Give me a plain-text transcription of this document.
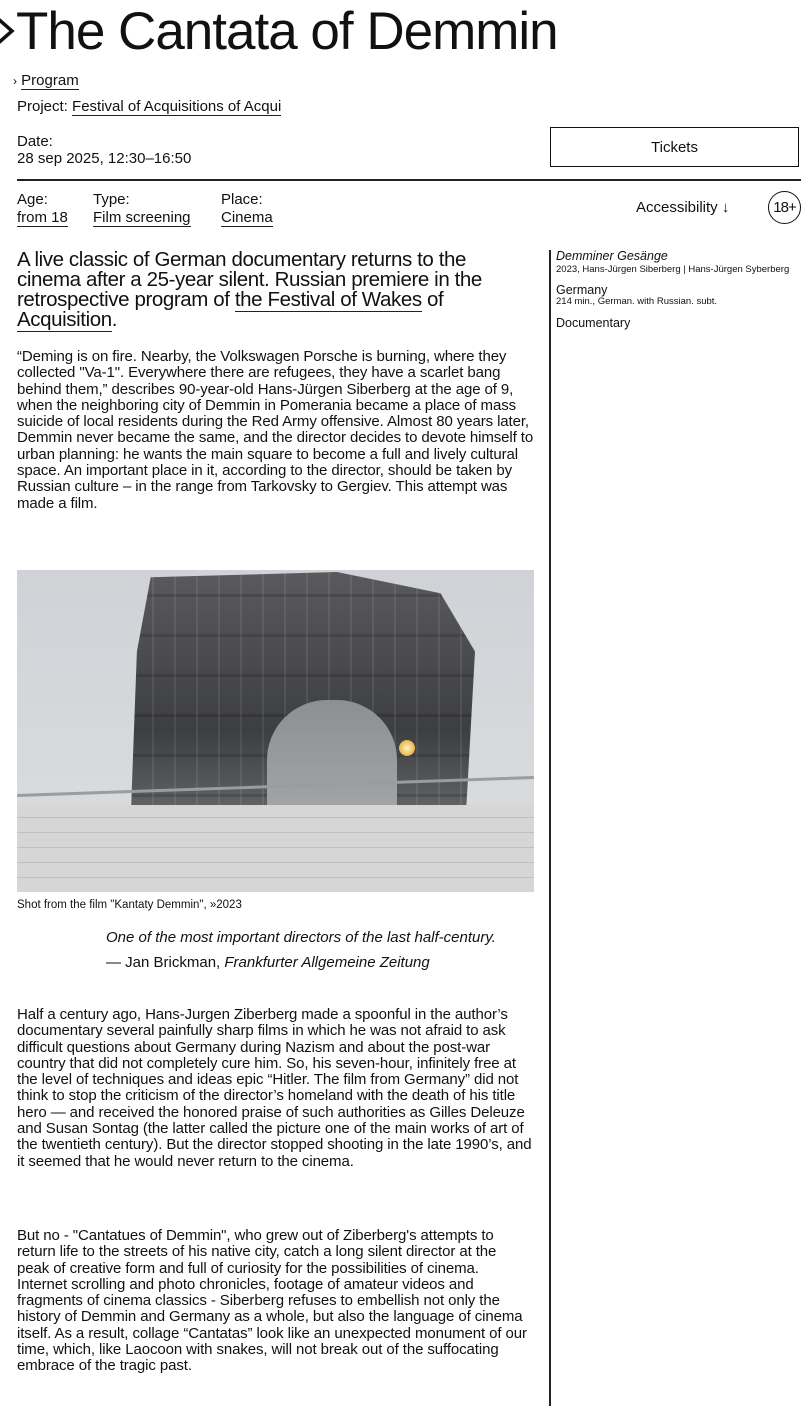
The Cantata of Demmin
› Program
Project: Festival of Acquisitions of Acqui
Date:
28 sep 2025, 12:30–16:50
Tickets
Age:
from 18
Type:
Film screening
Place:
Cinema
Accessibility ↓	18+

A live classic of German documentary returns to the cinema after a 25-year silent. Russian premiere in the retrospective program of the Festival of Wakes of Acquisition.

“Deming is on fire. Nearby, the Volkswagen Porsche is burning, where they collected "Va-1". Everywhere there are refugees, they have a scarlet bang behind them,” describes 90-year-old Hans-Jürgen Siberberg at the age of 9, when the neighboring city of Demmin in Pomerania became a place of mass suicide of local residents during the Red Army offensive. Almost 80 years later, Demmin never became the same, and the director decides to devote himself to urban planning: he wants the main square to become a full and lively cultural space. An important place in it, according to the director, should be taken by Russian culture – in the range from Tarkovsky to Gergiev. This attempt was made a film.

Shot from the film "Kantaty Demmin", »2023

One of the most important directors of the last half-century.

— Jan Brickman, Frankfurter Allgemeine Zeitung

Half a century ago, Hans-Jurgen Ziberberg made a spoonful in the author’s documentary several painfully sharp films in which he was not afraid to ask difficult questions about Germany during Nazism and about the post-war country that did not completely cure him. So, his seven-hour, infinitely free at the level of techniques and ideas epic “Hitler. The film from Germany” did not think to stop the criticism of the director’s homeland with the death of his title hero — and received the honored praise of such authorities as Gilles Deleuze and Susan Sontag (the latter called the picture one of the main works of art of the twentieth century). But the director stopped shooting in the late 1990’s, and it seemed that he would never return to the cinema.

But no - "Cantatues of Demmin", who grew out of Ziberberg's attempts to return life to the streets of his native city, catch a long silent director at the peak of creative form and full of curiosity for the possibilities of cinema. Internet scrolling and photo chronicles, footage of amateur videos and fragments of cinema classics - Siberberg refuses to embellish not only the history of Demmin and Germany as a whole, but also the language of cinema itself. As a result, collage “Cantatas” look like an unexpected monument of our time, which, like Laocoon with snakes, will not break out of the suffocating embrace of the tragic past.

Demminer Gesänge
2023, Hans-Jürgen Siberberg | Hans-Jürgen Syberberg
Germany
214 min., German. with Russian. subt.
Documentary
